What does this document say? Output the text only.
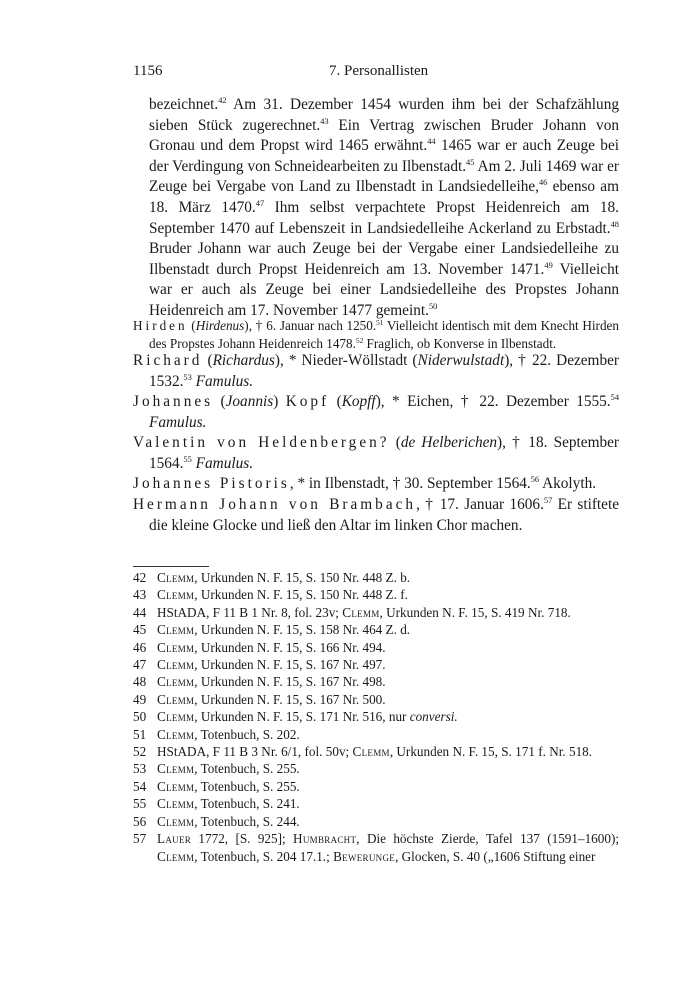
1156	7. Personallisten

bezeichnet.$^{42}$ Am 31. Dezember 1454 wurden ihm bei der Schafzählung sieben Stück zugerechnet.$^{43}$ Ein Vertrag zwischen Bruder Johann von Gronau und dem Propst wird 1465 erwähnt.$^{44}$ 1465 war er auch Zeuge bei der Verdingung von Schneidearbeiten zu Ilbenstadt.$^{45}$ Am 2. Juli 1469 war er Zeuge bei Vergabe von Land zu Ilbenstadt in Landsiedelleihe,$^{46}$ ebenso am 18. März 1470.47 Ihm selbst verpachtete Propst Heidenreich am 18. September 1470 auf Lebenszeit in Landsiedelleihe Ackerland zu Erbstadt.$^{48}$ Bruder Johann war auch Zeuge bei der Vergabe einer Landsiedelleihe zu Ilbenstadt durch Propst Heidenreich am 13. November 1471.49 Vielleicht war er auch als Zeuge bei einer Landsiedelleihe des Propstes Johann Heidenreich am 17. November 1477 gemeint.$^{50}$

Hirden (Hirdenus), † 6. Januar nach 1250.51 Vielleicht identisch mit dem Knecht Hirden des Propstes Johann Heidenreich 1478.52 Fraglich, ob Konverse in Ilbenstadt.

Richard (Richardus), * Nieder-Wöllstadt (Niderwulstadt), † 22. Dezember 1532.53 Famulus.

Johannes (Joannis) Kopf (Kopff), * Eichen, † 22. Dezember 1555.54 Famulus.

Valentin von Heldenbergen? (de Helberichen), † 18. September 1564.55 Famulus.

Johannes Pistoris, * in Ilbenstadt, † 30. September 1564.56 Akolyth.

Hermann Johann von Brambach, † 17. Januar 1606.57 Er stiftete die kleine Glocke und ließ den Altar im linken Chor machen.

42 Clemm, Urkunden N. F. 15, S. 150 Nr. 448 Z. b.
43 Clemm, Urkunden N. F. 15, S. 150 Nr. 448 Z. f.
44 HStADA, F 11 B 1 Nr. 8, fol. 23v; Clemm, Urkunden N. F. 15, S. 419 Nr. 718.
45 Clemm, Urkunden N. F. 15, S. 158 Nr. 464 Z. d.
46 Clemm, Urkunden N. F. 15, S. 166 Nr. 494.
47 Clemm, Urkunden N. F. 15, S. 167 Nr. 497.
48 Clemm, Urkunden N. F. 15, S. 167 Nr. 498.
49 Clemm, Urkunden N. F. 15, S. 167 Nr. 500.
50 Clemm, Urkunden N. F. 15, S. 171 Nr. 516, nur conversi.
51 Clemm, Totenbuch, S. 202.
52 HStADA, F 11 B 3 Nr. 6/1, fol. 50v; Clemm, Urkunden N. F. 15, S. 171 f. Nr. 518.
53 Clemm, Totenbuch, S. 255.
54 Clemm, Totenbuch, S. 255.
55 Clemm, Totenbuch, S. 241.
56 Clemm, Totenbuch, S. 244.
57 Lauer 1772, [S. 925]; Humbracht, Die höchste Zierde, Tafel 137 (1591–1600); Clemm, Totenbuch, S. 204 17.1.; Bewerunge, Glocken, S. 40 („1606 Stiftung einer
